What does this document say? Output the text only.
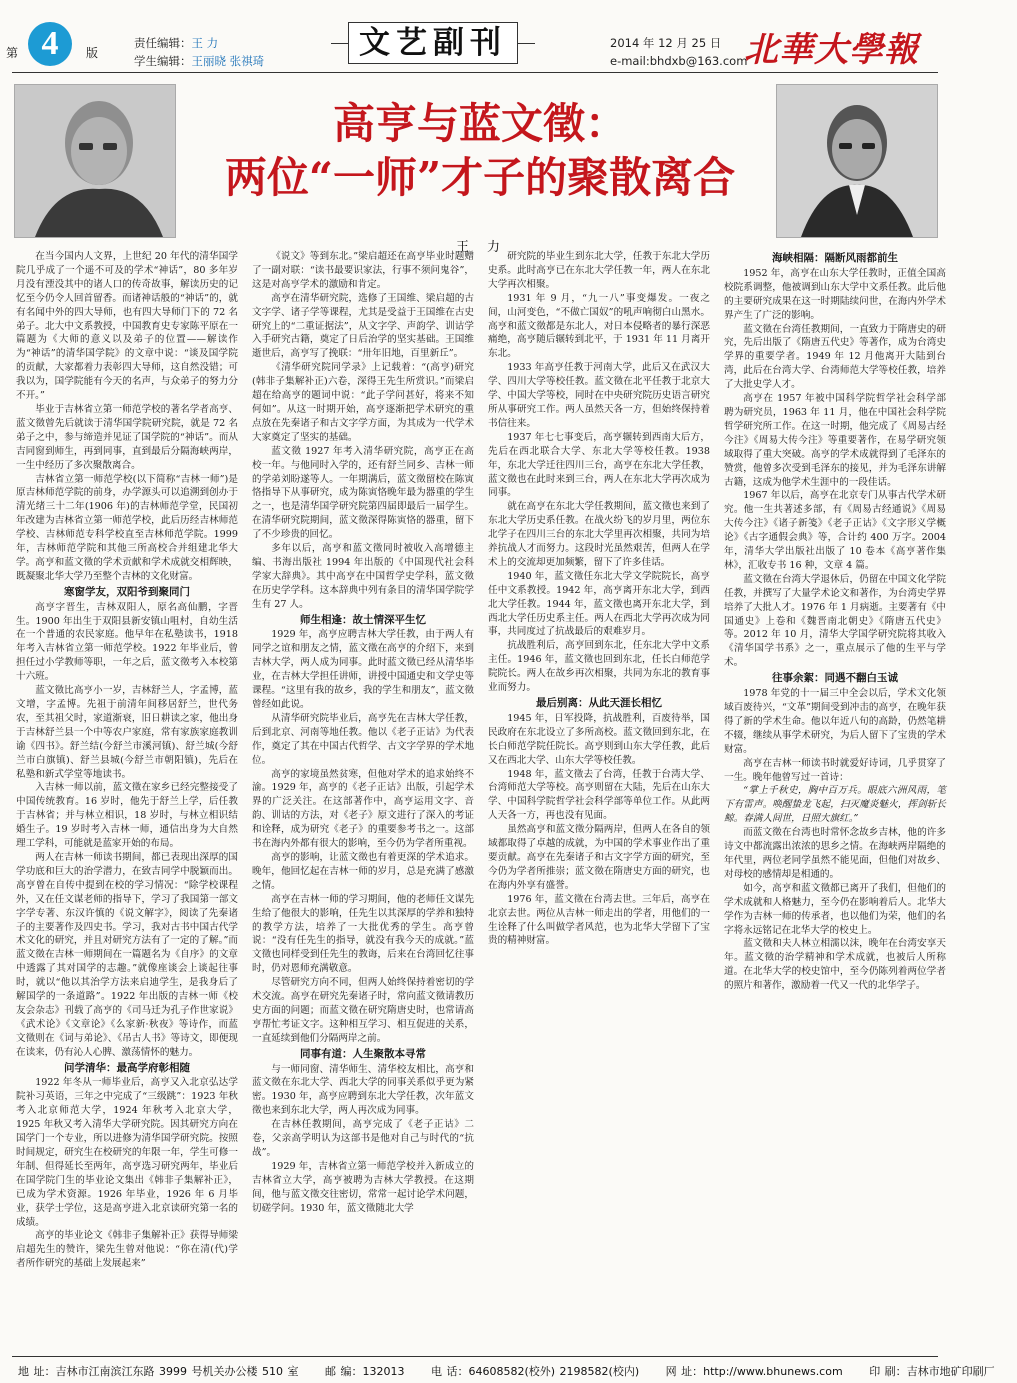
第 4	版
责任编辑：王 力
学生编辑：王丽晓 张祺琦	文艺副刊	2014 年 12 月 25 日
e-mail:bhdxb@163.com
北華大學報
高亨与蓝文徵：
两位“一师”才子的聚散离合
王力

在当今国内人文界，上世纪 20 年代的清华国学院几乎成了一个遥不可及的学术“神话”，80 多年岁月没有湮没其中的诸人口的传奇故事，解读历史的记忆至今仍令人回首留香。而诸神话般的“神话”的，就有名闻中外的四大导师，也有四大导师门下的 72 名弟子。北大中文系教授，中国教育史专家陈平原在一篇题为《大师的意义以及弟子的位置——解读作为“神话”的清华国学院》的文章中说：“谈及国学院的贡献，大家都着力表彰四大导师，这自然没错；可我以为，国学院能有今天的名声，与众弟子的努力分不开。”

毕业于吉林省立第一师范学校的著名学者高亨、蓝文徵曾先后就读于清华国学院研究院，就是 72 名弟子之中，参与缔造并见证了国学院的“神话”。而从吉同窗到师生，再到同事，直到最后分隔海峡两岸，一生中经历了多次聚散离合。

吉林省立第一师范学校(以下简称“吉林一师”)是原吉林师范学院的前身，办学源头可以追溯到创办于清光绪三十二年(1906 年)的吉林师范学堂，民国初年改建为吉林省立第一师范学校，此后历经吉林师范学校、吉林师范专科学校直至吉林师范学院。1999 年，吉林师范学院和其他三所高校合并组建北华大学。高亨和蓝文徵的学术贡献和学术成就交相辉映，既凝聚北华大学乃至整个吉林的文化财富。

寒窗学友，双阳爷到聚同门

高亨字晋生，吉林双阳人，原名高仙鹏，字晋生。1900 年出生于双阳县新安镇山咀村，自幼生活在一个普通的农民家庭。他早年在私塾读书，1918 年考入吉林省立第一师范学校。1922 年毕业后，曾担任过小学教师等职，一年之后，蓝文徵考入本校第十六班。

蓝文徵比高亨小一岁，吉林舒兰人，字孟博，蓝文增，字孟博。先祖于前清年间移居舒兰，世代务农，至其祖父时，家道渐衰，旧日耕读之家，他出身于吉林舒兰县一个中等农户家庭，常有家族家庭教训谕《四书》。舒兰结(今舒兰市溪河镇)、舒兰城(今舒兰市白旗镇)、舒兰县城(今舒兰市朝阳镇)，先后在私塾和新式学堂等地读书。

入吉林一师以前，蓝文徵在家乡已经完整接受了中国传统教育。16 岁时，他先于舒兰上学，后任教于吉林省；并与林立相识，18 岁时，与林立相识结婚生子。19 岁时考入吉林一师，通信出身为大自然理工学科，可能就是蓝家开始的布局。

两人在吉林一师读书期间，都已表现出深厚的国学功底和巨大的治学潜力，在致吉同学中脱颖而出。高亨曾在自传中提到在校的学习情况：“除学校课程外，又在任文谋老师的指导下，学习了我国第一部文字学专著、东汉许慎的《说文解字》，阅读了先秦诸子的主要著作及四史书。学习，我对古书中国古代学术文化的研究，并且对研究方法有了一定的了解。”而蓝文徵在吉林一师期间在一篇题名为《自序》的文章中透露了其对国学的志趣。”就像座谈会上谈起往事时，就以“他以其治学方法来启迪学生，是我身后了解国学的一条道路”。1922 年出版的吉林一师《校友会杂志》刊载了高亨的《司马迁为孔子作世家说》《武术论》《文章论》《么家新·秋夜》等诗作，而蓝文徵则在《词与弟论》、《吊古人书》等诗文，即便现在读来，仍有沁人心脾、激荡情怀的魅力。

问学清华：最高学府彰相随

1922 年冬从一师毕业后，高亨又入北京弘达学院补习英语，三年之中完成了“三级跳”：1923 年秋考入北京师范大学，1924 年秋考入北京大学，1925 年秋又考入清华大学研究院。因其研究方向在国学门一个专业，所以进修为清华国学研究院。按照时间规定，研究生在校研究的年限一年，学生可修一年制、但得延长至两年，高亨选习研究两年，毕业后在国学院门生的毕业论文集出《韩非子集解补正》，已成为学术资源。1926 年毕业，1926 年 6 月毕业，获学士学位，这是高亨进入北京读研究第一名的成绩。

高亨的毕业论文《韩非子集解补正》获得导师梁启超先生的赞许，梁先生曾对他说：“你在清(代)学者所作研究的基础上发展起来”

《说文》等到东北。”梁启超还在高亨毕业时题赠了一副对联：“读书最要识家法，行事不须问鬼谷”，这是对高亨学术的激励和肯定。

高亨在清华研究院，选修了王国维、梁启超的古文字学、诸子学等课程，尤其是受益于王国维在古史研究上的“二重证据法”，从文字学、声韵学、训诂学入手研究古籍，奠定了日后治学的坚实基础。王国维逝世后，高亨写了挽联：“卅年旧地，百里新丘”。

《清华研究院同学录》上记载着：“(高亨)研究(韩非子集解补正)六卷，深得王先生所赏识。”而梁启超在给高亨的题词中说：“此子学问甚好，将来不知何如”。从这一时期开始，高亨逐渐把学术研究的重点放在先秦诸子和古文字学方面，为其成为一代学术大家奠定了坚实的基础。

蓝文徵 1927 年考入清华研究院，高亨正在高校一年。与他同时入学的，还有舒兰同乡、吉林一师的学弟刘盼遂等人。一年期满后，蓝文徵留校在陈寅恪指导下从事研究，成为陈寅恪晚年最为器重的学生之一，也是清华国学研究院第四届即最后一届学生。在清华研究院期间，蓝文徵深得陈寅恪的器重，留下了不少珍贵的回忆。

多年以后，高亨和蓝文徵同时被收入高增德主编、书海出版社 1994 年出版的《中国现代社会科学家大辞典》。其中高亨在中国哲学史学科，蓝文徵在历史学学科。这本辞典中列有条目的清华国学院学生有 27 人。

师生相逢：故土情深平生忆

1929 年，高亨应聘吉林大学任教，由于两人有同学之谊和朋友之情，蓝文徵在高亨的介绍下，来到吉林大学，两人成为同事。此时蓝文徵已经从清华毕业，在吉林大学担任讲师，讲授中国通史和文学史等课程。“这里有我的故乡，我的学生和朋友”，蓝文徵曾经如此说。

从清华研究院毕业后，高亨先在吉林大学任教，后到北京、河南等地任教。他以《老子正诂》为代表作，奠定了其在中国古代哲学、古文字学界的学术地位。

高亨的家境虽然贫寒，但他对学术的追求始终不渝。1929 年，高亨的《老子正诂》出版，引起学术界的广泛关注。在这部著作中，高亨运用文字、音韵、训诂的方法，对《老子》原文进行了深入的考证和诠释，成为研究《老子》的重要参考书之一。这部书在海内外都有很大的影响，至今仍为学者所重视。

高亨的影响，让蓝文徵也有着更深的学术追求。晚年，他回忆起在吉林一师的岁月，总是充满了感激之情。

高亨在吉林一师的学习期间，他的老师任文谋先生给了他很大的影响，任先生以其深厚的学养和独特的教学方法，培养了一大批优秀的学生。高亨曾说：“没有任先生的指导，就没有我今天的成就。”蓝文徵也同样受到任先生的教诲，后来在台湾回忆往事时，仍对恩师充满敬意。

尽管研究方向不同，但两人始终保持着密切的学术交流。高亨在研究先秦诸子时，常向蓝文徵请教历史方面的问题；而蓝文徵在研究隋唐史时，也常请高亨帮忙考证文字。这种相互学习、相互促进的关系，一直延续到他们分隔两岸之前。

同事有道：人生聚散本寻常

与一师同窗、清华师生、清华校友相比，高亨和蓝文徵在东北大学、西北大学的同事关系似乎更为紧密。1930 年，高亨应聘到东北大学任教，次年蓝文徵也来到东北大学，两人再次成为同事。

在吉林任教期间，高亨完成了《老子正诂》二卷，父亲高学明认为这部书是他对自己与时代的“抗战”。

1929 年，吉林省立第一师范学校并入新成立的吉林省立大学，高亨被聘为吉林大学教授。在这期间，他与蓝文徵交往密切，常常一起讨论学术问题，切磋学问。1930 年，蓝文徵随北大学

研究院的毕业生到东北大学，任教于东北大学历史系。此时高亨已在东北大学任教一年，两人在东北大学再次相聚。

1931 年 9 月，“九一八”事变爆发。一夜之间，山河变色，“不做亡国奴”的吼声响彻白山黑水。高亨和蓝文徵都是东北人，对日本侵略者的暴行深恶痛绝，高亨随后辗转到北平，于 1931 年 11 月离开东北。

1933 年高亨任教于河南大学，此后又在武汉大学、四川大学等校任教。蓝文徵在北平任教于北京大学、中国大学等校，同时在中央研究院历史语言研究所从事研究工作。两人虽然天各一方，但始终保持着书信往来。

1937 年七七事变后，高亨辗转到西南大后方，先后在西北联合大学、东北大学等校任教。1938 年，东北大学迁往四川三台，高亨在东北大学任教，蓝文徵也在此时来到三台，两人在东北大学再次成为同事。

就在高亨在东北大学任教期间，蓝文徵也来到了东北大学历史系任教。在战火纷飞的岁月里，两位东北学子在四川三台的东北大学里再次相聚，共同为培养抗战人才而努力。这段时光虽然艰苦，但两人在学术上的交流却更加频繁，留下了许多佳话。

1940 年，蓝文徵任东北大学文学院院长，高亨任中文系教授。1942 年，高亨离开东北大学，到西北大学任教。1944 年，蓝文徵也离开东北大学，到西北大学任历史系主任。两人在西北大学再次成为同事，共同度过了抗战最后的艰难岁月。

抗战胜利后，高亨回到东北，任东北大学中文系主任。1946 年，蓝文徵也回到东北，任长白师范学院院长。两人在故乡再次相聚，共同为东北的教育事业而努力。

最后别离：从此天涯长相忆

1945 年，日军投降，抗战胜利，百废待举，国民政府在东北设立了多所高校。蓝文徵回到东北，在长白师范学院任院长。高亨则到山东大学任教，此后又在西北大学、山东大学等校任教。

1948 年，蓝文徵去了台湾，任教于台湾大学、台湾师范大学等校。高亨则留在大陆，先后在山东大学、中国科学院哲学社会科学部等单位工作。从此两人天各一方，再也没有见面。

虽然高亨和蓝文徵分隔两岸，但两人在各自的领域都取得了卓越的成就，为中国的学术事业作出了重要贡献。高亨在先秦诸子和古文字学方面的研究，至今仍为学者所推崇；蓝文徵在隋唐史方面的研究，也在海内外享有盛誉。

1976 年，蓝文徵在台湾去世。三年后，高亨在北京去世。两位从吉林一师走出的学者，用他们的一生诠释了什么叫做学者风范，也为北华大学留下了宝贵的精神财富。

海峡相隔：隔断风雨都前生

1952 年，高亨在山东大学任教时，正值全国高校院系调整，他被调到山东大学中文系任教。此后他的主要研究成果在这一时期陆续问世，在海内外学术界产生了广泛的影响。

蓝文徵在台湾任教期间，一直致力于隋唐史的研究，先后出版了《隋唐五代史》等著作，成为台湾史学界的重要学者。1949 年 12 月他离开大陆到台湾，此后在台湾大学、台湾师范大学等校任教，培养了大批史学人才。

高亨在 1957 年被中国科学院哲学社会科学部聘为研究员，1963 年 11 月，他在中国社会科学院哲学研究所工作。在这一时期，他完成了《周易古经今注》《周易大传今注》等重要著作，在易学研究领域取得了重大突破。高亨的学术成就得到了毛泽东的赞赏，他曾多次受到毛泽东的接见，并为毛泽东讲解古籍，这成为他学术生涯中的一段佳话。

1967 年以后，高亨在北京专门从事古代学术研究。他一生共著述多部，有《周易古经通说》《周易大传今注》《诸子新笺》《老子正诂》《文字形义学概论》《古字通假会典》等，合计约 400 万字。2004 年，清华大学出版社出版了 10 卷本《高亨著作集林》，汇收专书 16 种，文章 4 篇。

蓝文徵在台湾大学退休后，仍留在中国文化学院任教，并撰写了大量学术论文和著作，为台湾史学界培养了大批人才。1976 年 1 月病逝。主要著有《中国通史》上卷和《魏晋南北朝史》《隋唐五代史》等。2012 年 10 月，清华大学国学研究院将其收入《清华国学书系》之一，重点展示了他的生平与学术。

往事余絮：同遇不翻白玉诚

1978 年党的十一届三中全会以后，学术文化领域百废待兴，“文革”期间受到冲击的高亨，在晚年获得了新的学术生命。他以年近八旬的高龄，仍然笔耕不辍，继续从事学术研究，为后人留下了宝贵的学术财富。

高亨在吉林一师读书时就爱好诗词，几乎贯穿了一生。晚年他曾写过一首诗：

“掌上千秋史，胸中百万兵。眼底六洲风雨，笔下有雷声。唤醒蛰龙飞起，扫灭魔炎魅火，挥剑斩长鲸。春满人间世，日照大旗红。”

而蓝文徵在台湾也时常怀念故乡吉林，他的许多诗文中都流露出浓浓的思乡之情。在海峡两岸隔绝的年代里，两位老同学虽然不能见面，但他们对故乡、对母校的感情却是相通的。

如今，高亨和蓝文徵都已离开了我们，但他们的学术成就和人格魅力，至今仍在影响着后人。北华大学作为吉林一师的传承者，也以他们为荣，他们的名字将永远铭记在北华大学的校史上。

蓝文徵和夫人林立相濡以沫，晚年在台湾安享天年。蓝文徵的治学精神和学术成就，也被后人所称道。在北华大学的校史馆中，至今仍陈列着两位学者的照片和著作，激励着一代又一代的北华学子。

地 址：吉林市江南滨江东路 3999 号机关办公楼 510 室 邮 编：132013 电 话：64608582(校外) 2198582(校内) 网 址：http://www.bhunews.com 印 刷：吉林市地矿印刷厂
